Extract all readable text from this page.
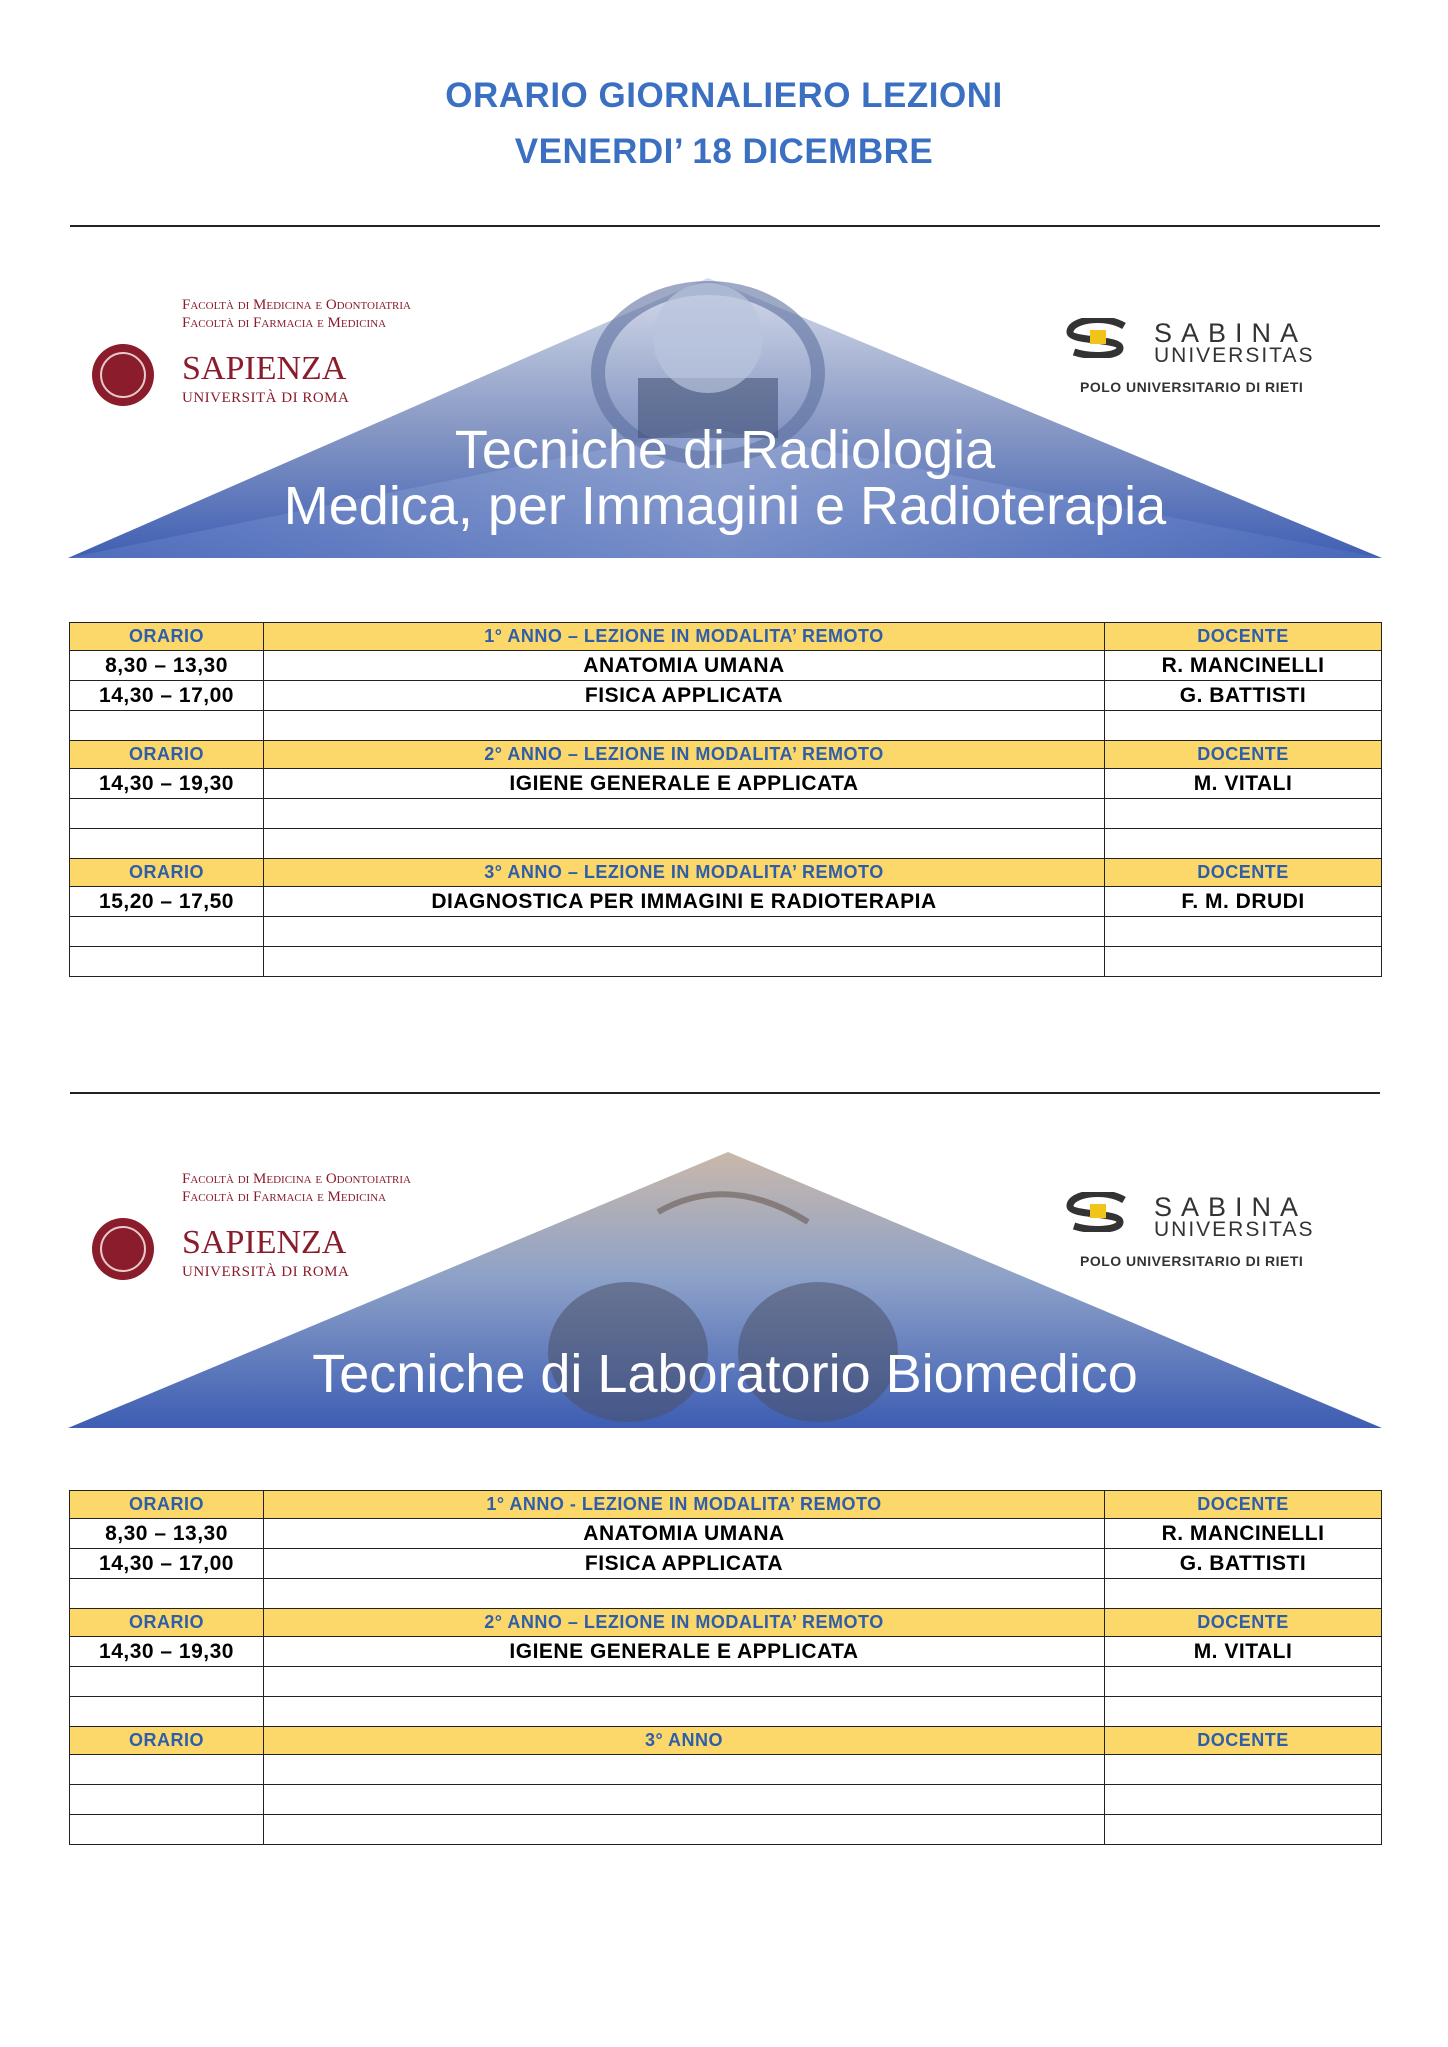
ORARIO GIORNALIERO LEZIONI
VENERDI’ 18 DICEMBRE
Facoltà di Medicina e Odontoiatria
Facoltà di Farmacia e Medicina
SAPIENZA
UNIVERSITÀ DI ROMA
SABINA
UNIVERSITAS
POLO UNIVERSITARIO DI RIETI
Tecniche di Radiologia
Medica, per Immagini e Radioterapia
ORARIO	1° ANNO – LEZIONE IN MODALITA’ REMOTO	DOCENTE
8,30 – 13,30	ANATOMIA UMANA	R. MANCINELLI
14,30 – 17,00	FISICA APPLICATA	G. BATTISTI

ORARIO	2° ANNO – LEZIONE IN MODALITA’ REMOTO	DOCENTE
14,30 – 19,30	IGIENE GENERALE E APPLICATA	M. VITALI

ORARIO	3° ANNO – LEZIONE IN MODALITA’ REMOTO	DOCENTE
15,20 – 17,50	DIAGNOSTICA PER IMMAGINI E RADIOTERAPIA	F. M. DRUDI

Facoltà di Medicina e Odontoiatria
Facoltà di Farmacia e Medicina
SAPIENZA
UNIVERSITÀ DI ROMA
SABINA
UNIVERSITAS
POLO UNIVERSITARIO DI RIETI
Tecniche di Laboratorio Biomedico
ORARIO	1° ANNO - LEZIONE IN MODALITA’ REMOTO	DOCENTE
8,30 – 13,30	ANATOMIA UMANA	R. MANCINELLI
14,30 – 17,00	FISICA APPLICATA	G. BATTISTI

ORARIO	2° ANNO – LEZIONE IN MODALITA’ REMOTO	DOCENTE
14,30 – 19,30	IGIENE GENERALE E APPLICATA	M. VITALI

ORARIO	3° ANNO	DOCENTE
